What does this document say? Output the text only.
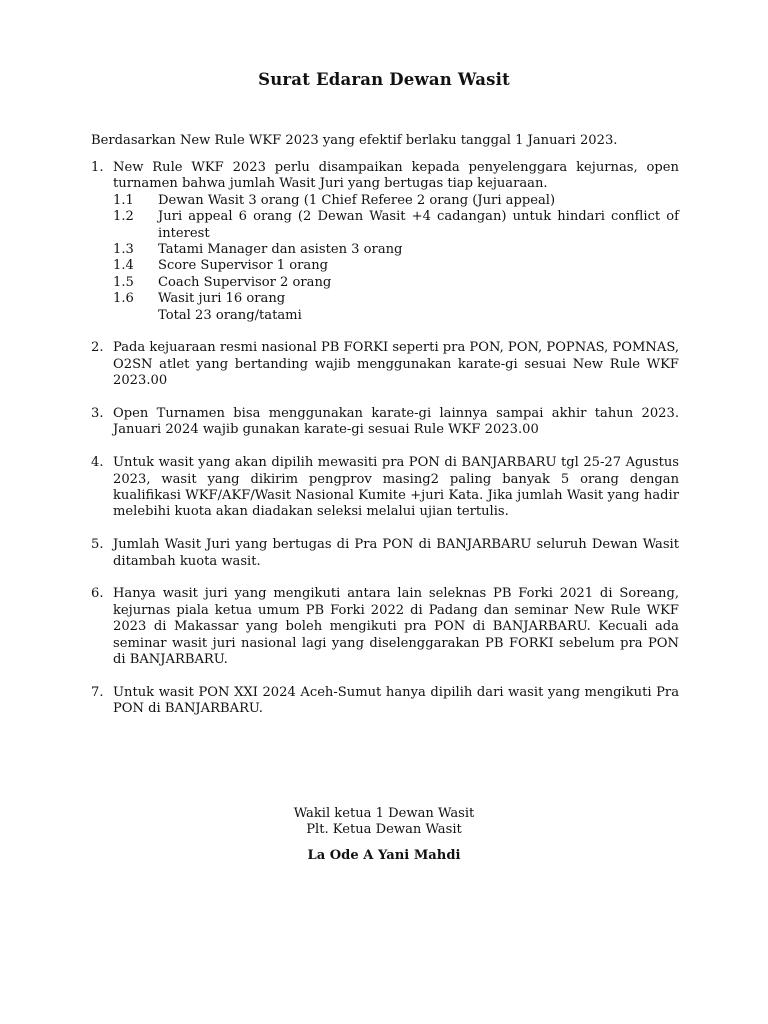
Surat Edaran Dewan Wasit
Berdasarkan New Rule WKF 2023 yang efektif berlaku tanggal 1 Januari 2023.
1. New Rule WKF 2023 perlu disampaikan kepada penyelenggara kejurnas, open turnamen bahwa jumlah Wasit Juri yang bertugas tiap kejuaraan.
1.1 Dewan Wasit 3 orang (1 Chief Referee 2 orang (Juri appeal)
1.2 Juri appeal 6 orang (2 Dewan Wasit +4 cadangan) untuk hindari conflict of interest
1.3 Tatami Manager dan asisten 3 orang
1.4 Score Supervisor 1 orang
1.5 Coach Supervisor 2 orang
1.6 Wasit juri 16 orang
Total 23 orang/tatami
2. Pada kejuaraan resmi nasional PB FORKI seperti pra PON, PON, POPNAS, POMNAS, O2SN atlet yang bertanding wajib menggunakan karate-gi sesuai New Rule WKF 2023.00
3. Open Turnamen bisa menggunakan karate-gi lainnya sampai akhir tahun 2023. Januari 2024 wajib gunakan karate-gi sesuai Rule WKF 2023.00
4. Untuk wasit yang akan dipilih mewasiti pra PON di BANJARBARU tgl 25-27 Agustus 2023, wasit yang dikirim pengprov masing2 paling banyak 5 orang dengan kualifikasi WKF/AKF/Wasit Nasional Kumite +juri Kata. Jika jumlah Wasit yang hadir melebihi kuota akan diadakan seleksi melalui ujian tertulis.
5. Jumlah Wasit Juri yang bertugas di Pra PON di BANJARBARU seluruh Dewan Wasit ditambah kuota wasit.
6. Hanya wasit juri yang mengikuti antara lain seleknas PB Forki 2021 di Soreang, kejurnas piala ketua umum PB Forki 2022 di Padang dan seminar New Rule WKF 2023 di Makassar yang boleh mengikuti pra PON di BANJARBARU. Kecuali ada seminar wasit juri nasional lagi yang diselenggarakan PB FORKI sebelum pra PON di BANJARBARU.
7. Untuk wasit PON XXI 2024 Aceh-Sumut hanya dipilih dari wasit yang mengikuti Pra PON di BANJARBARU.
Wakil ketua 1 Dewan Wasit
Plt. Ketua Dewan Wasit
La Ode A Yani Mahdi
